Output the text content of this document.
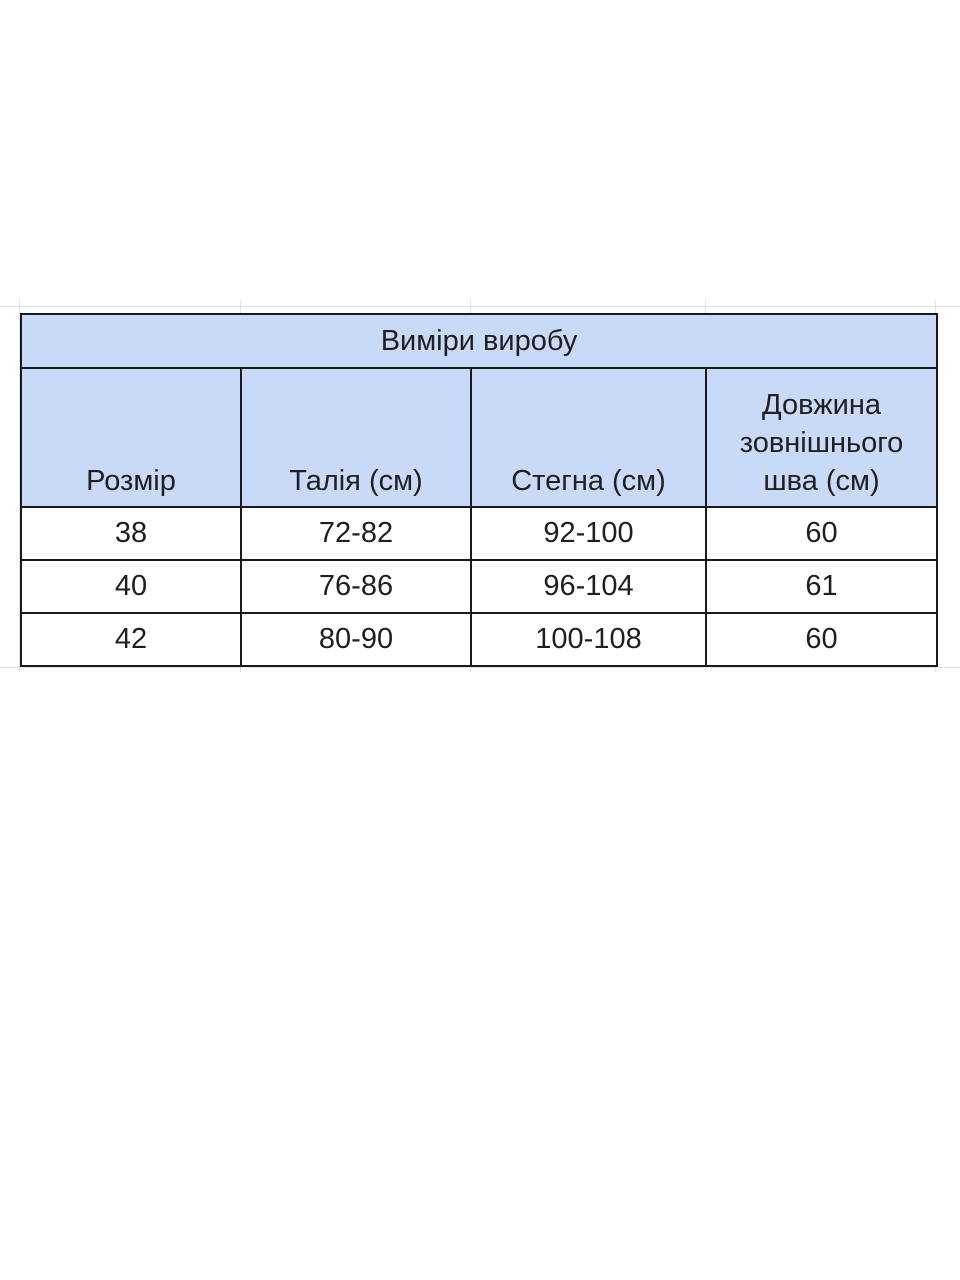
Виміри виробу			
Розмір	Талія (см)	Стегна (см)	Довжина зовнішнього шва (см)
38	72-82	92-100	60
40	76-86	96-104	61
42	80-90	100-108	60
